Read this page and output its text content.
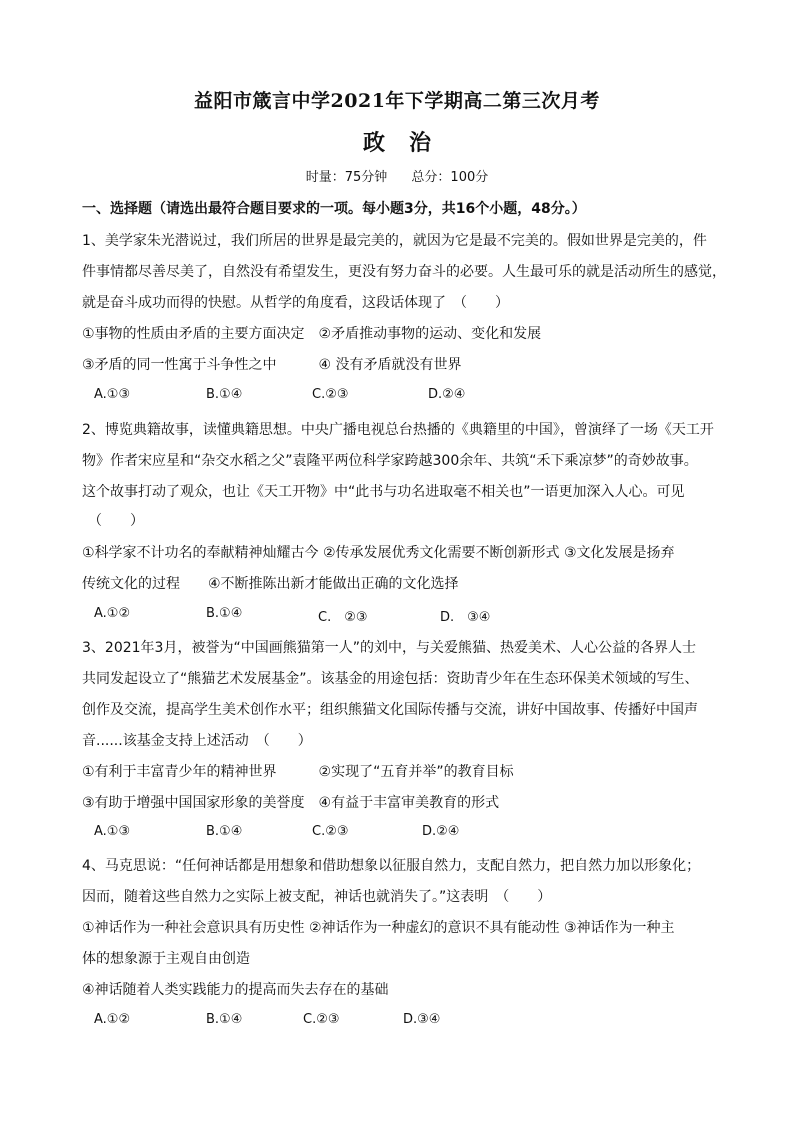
益阳市箴言中学2021年下学期高二第三次月考
政治
时量：75分钟 总分：100分
一、选择题（请选出最符合题目要求的一项。每小题3分，共16个小题，48分。）
1、美学家朱光潜说过，我们所居的世界是最完美的，就因为它是最不完美的。假如世界是完美的，件
件事情都尽善尽美了，自然没有希望发生，更没有努力奋斗的必要。人生最可乐的就是活动所生的感觉，
就是奋斗成功而得的快慰。从哲学的角度看，这段话体现了　（　　）
①事物的性质由矛盾的主要方面决定　②矛盾推动事物的运动、变化和发展
③矛盾的同一性寓于斗争性之中　　　④ 没有矛盾就没有世界
A.①③	B.①④	C.②③	D.②④
2、博览典籍故事，读懂典籍思想。中央广播电视总台热播的《典籍里的中国》，曾演绎了一场《天工开
物》作者宋应星和“杂交水稻之父”袁隆平两位科学家跨越300余年、共筑“禾下乘凉梦”的奇妙故事。
这个故事打动了观众，也让《天工开物》中“此书与功名进取毫不相关也”一语更加深入人心。可见
（　　）
①科学家不计功名的奉献精神灿耀古今 ②传承发展优秀文化需要不断创新形式 ③文化发展是扬弃
传统文化的过程　　④不断推陈出新才能做出正确的文化选择
A.①②	B.①④	C.　②③	D.　③④
3、2021年3月，被誉为“中国画熊猫第一人”的刘中，与关爱熊猫、热爱美术、人心公益的各界人士
共同发起设立了“熊猫艺术发展基金”。该基金的用途包括：资助青少年在生态环保美术领域的写生、
创作及交流，提高学生美术创作水平；组织熊猫文化国际传播与交流，讲好中国故事、传播好中国声
音......该基金支持上述活动　（　　）
①有利于丰富青少年的精神世界　　　②实现了“五育并举”的教育目标
③有助于增强中国国家形象的美誉度　④有益于丰富审美教育的形式
A.①③	B.①④	C.②③	D.②④
4、马克思说：“任何神话都是用想象和借助想象以征服自然力，支配自然力，把自然力加以形象化；
因而，随着这些自然力之实际上被支配，神话也就消失了。”这表明　（　　）
①神话作为一种社会意识具有历史性 ②神话作为一种虚幻的意识不具有能动性 ③神话作为一种主
体的想象源于主观自由创造
④神话随着人类实践能力的提高而失去存在的基础
A.①②	B.①④	C.②③	D.③④
